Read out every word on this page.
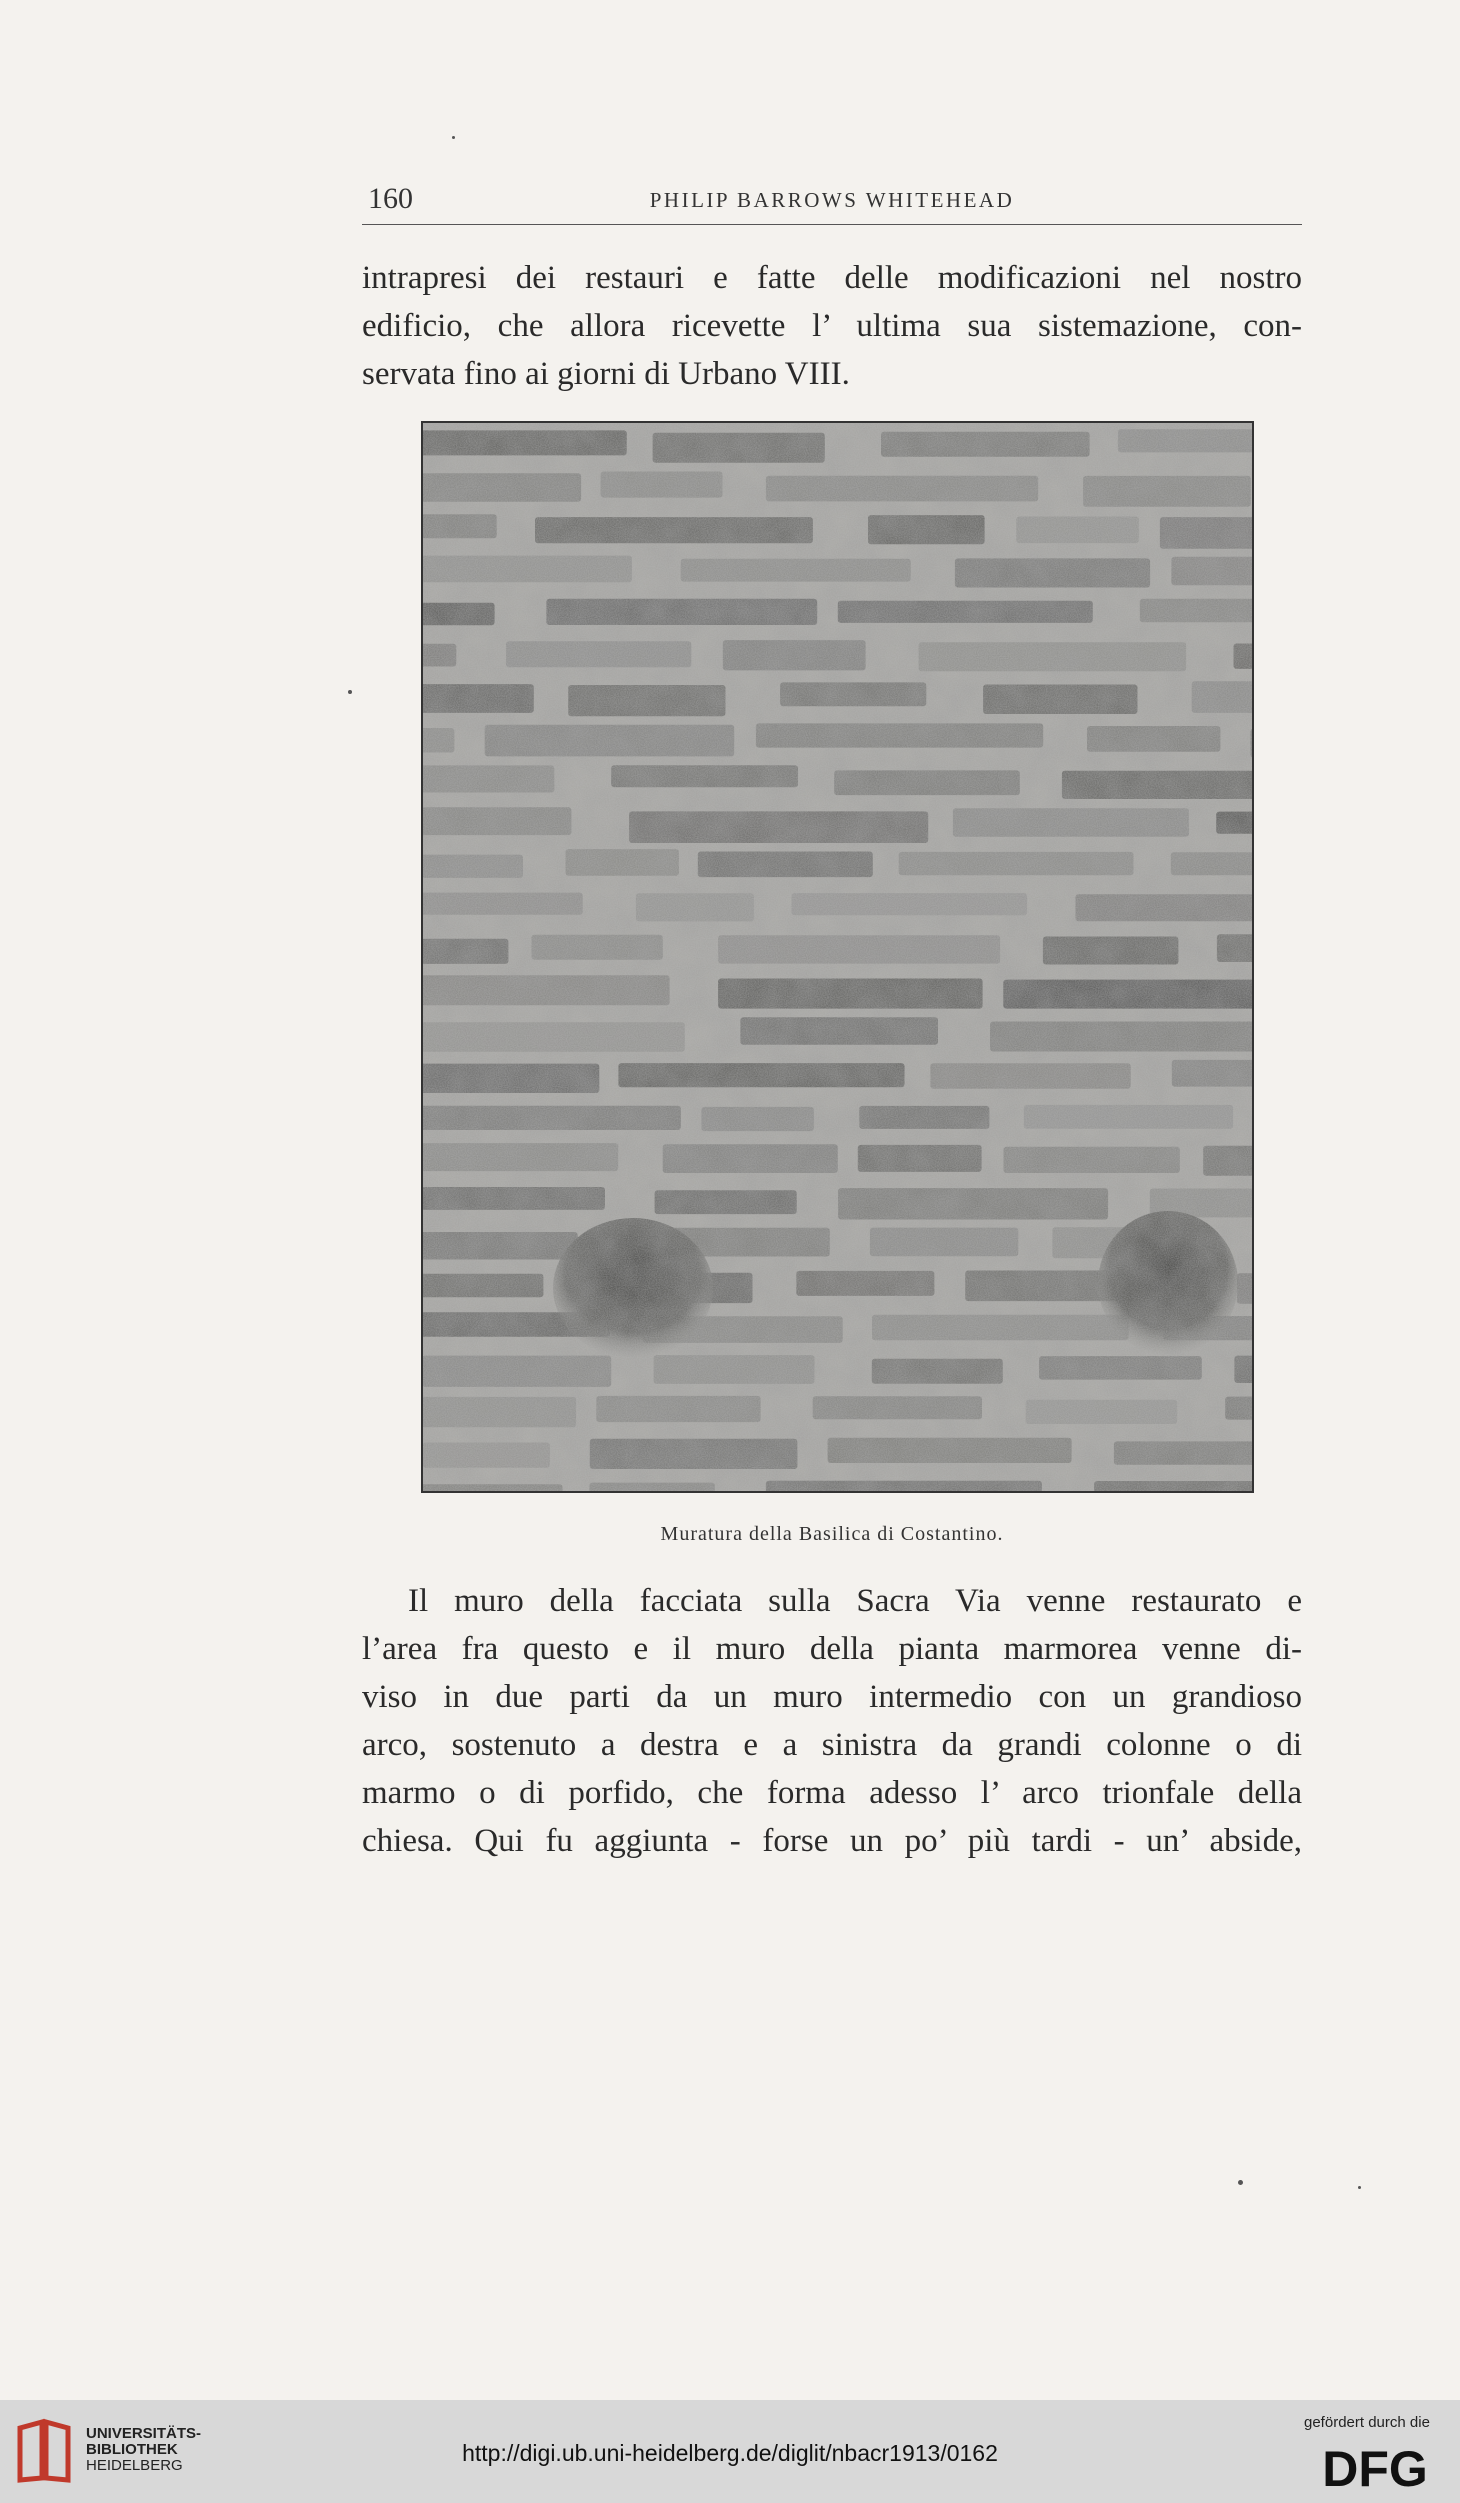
160	PHILIP BARROWS WHITEHEAD
intrapresi dei restauri e fatte delle modificazioni nel nostro
edificio, che allora ricevette l’ ultima sua sistemazione, con-
servata fino ai giorni di Urbano VIII.
Muratura della Basilica di Costantino.
Il muro della facciata sulla Sacra Via venne restaurato e
l’area fra questo e il muro della pianta marmorea venne di-
viso in due parti da un muro intermedio con un grandioso
arco, sostenuto a destra e a sinistra da grandi colonne o di
marmo o di porfido, che forma adesso l’ arco trionfale della
chiesa. Qui fu aggiunta - forse un po’ più tardi - un’ abside,
UNIVERSITÄTS-
BIBLIOTHEK
HEIDELBERG	http://digi.ub.uni-heidelberg.de/diglit/nbacr1913/0162
gefördert durch die
DFG
